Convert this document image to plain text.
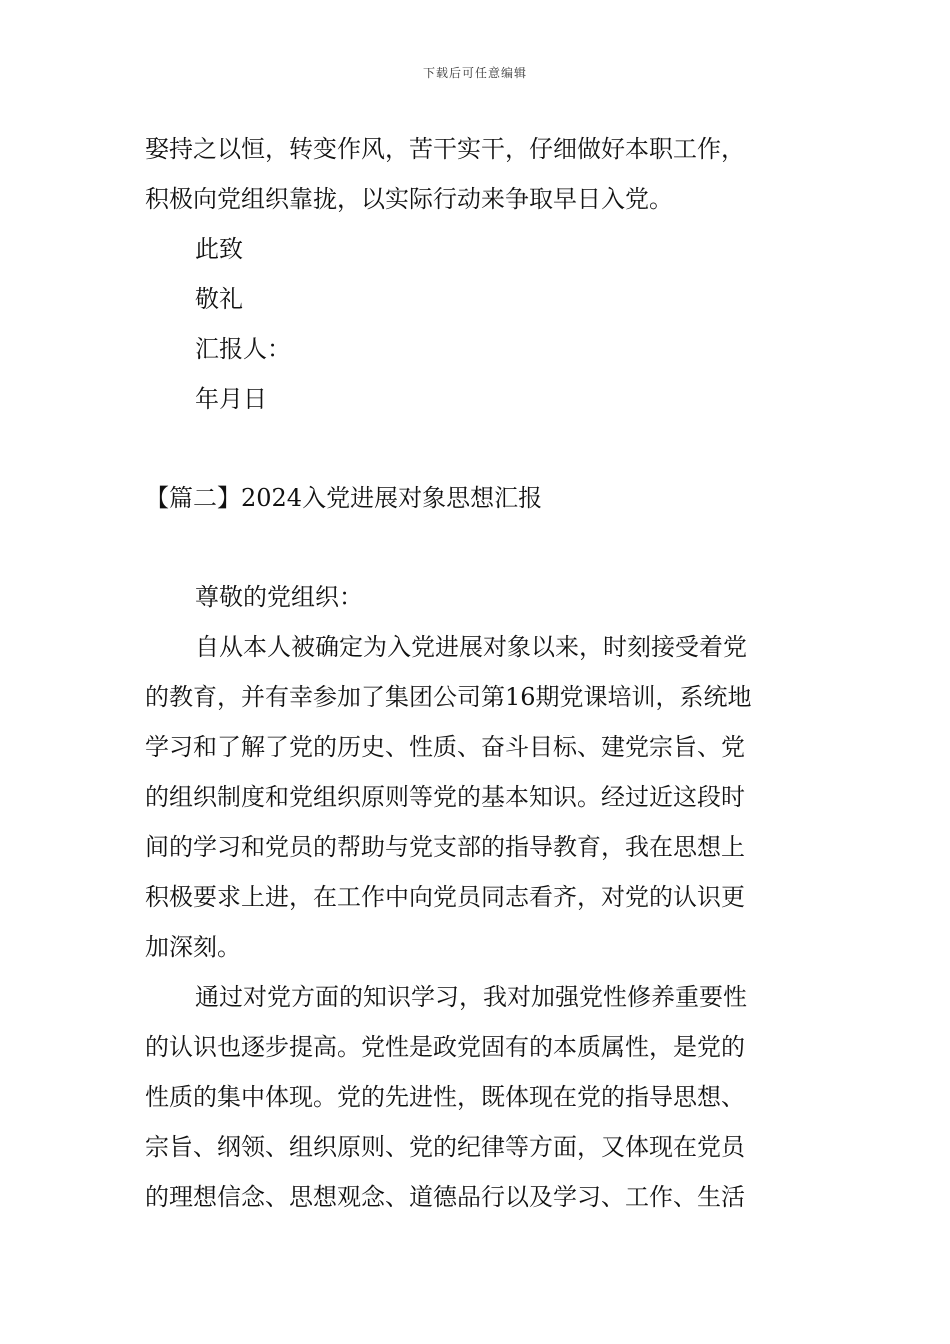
下载后可任意编辑
娶持之以恒，转变作风，苦干实干，仔细做好本职工作，
积极向党组织靠拢，以实际行动来争取早日入党。
此致
敬礼
汇报人：
年月日
【篇二】2024入党进展对象思想汇报
尊敬的党组织：
自从本人被确定为入党进展对象以来，时刻接受着党
的教育，并有幸参加了集团公司第16期党课培训，系统地
学习和了解了党的历史、性质、奋斗目标、建党宗旨、党
的组织制度和党组织原则等党的基本知识。经过近这段时
间的学习和党员的帮助与党支部的指导教育，我在思想上
积极要求上进，在工作中向党员同志看齐，对党的认识更
加深刻。
通过对党方面的知识学习，我对加强党性修养重要性
的认识也逐步提高。党性是政党固有的本质属性，是党的
性质的集中体现。党的先进性，既体现在党的指导思想、
宗旨、纲领、组织原则、党的纪律等方面，又体现在党员
的理想信念、思想观念、道德品行以及学习、工作、生活
